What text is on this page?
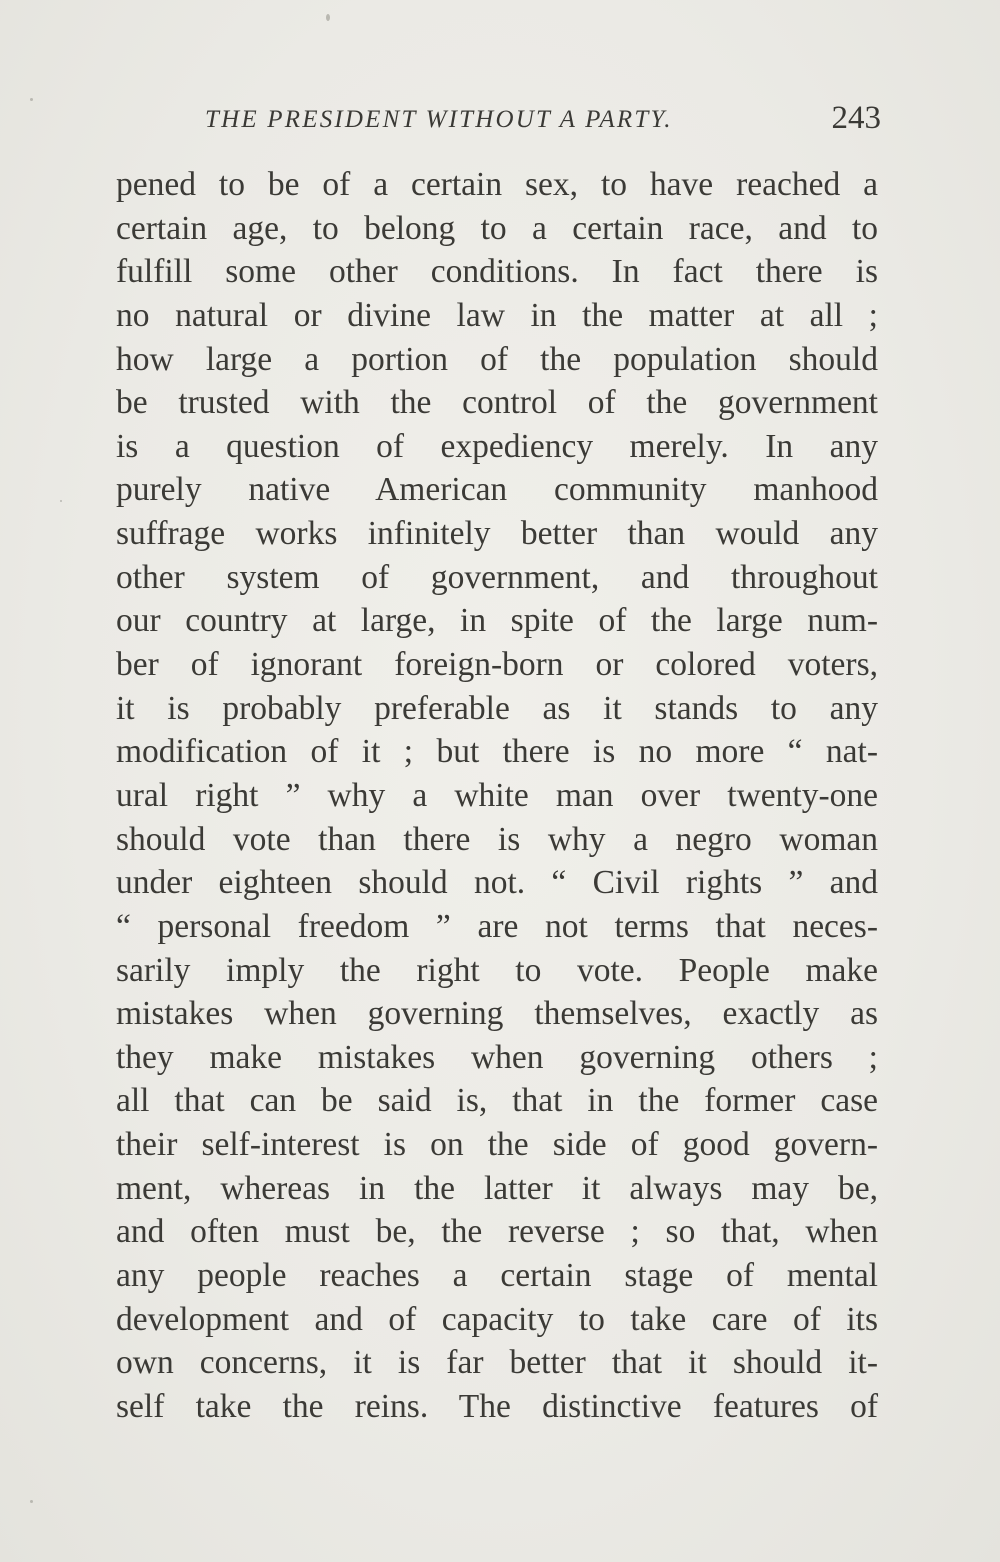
THE PRESIDENT WITHOUT A PARTY.	243
pened to be of a certain sex, to have reached a
certain age, to belong to a certain race, and to
fulfill some other conditions. In fact there is
no natural or divine law in the matter at all ;
how large a portion of the population should
be trusted with the control of the government
is a question of expediency merely. In any
purely native American community manhood
suffrage works infinitely better than would any
other system of government, and throughout
our country at large, in spite of the large num-
ber of ignorant foreign-born or colored voters,
it is probably preferable as it stands to any
modification of it ; but there is no more “ nat-
ural right ” why a white man over twenty-one
should vote than there is why a negro woman
under eighteen should not. “ Civil rights ” and
“ personal freedom ” are not terms that neces-
sarily imply the right to vote. People make
mistakes when governing themselves, exactly as
they make mistakes when governing others ;
all that can be said is, that in the former case
their self-interest is on the side of good govern-
ment, whereas in the latter it always may be,
and often must be, the reverse ; so that, when
any people reaches a certain stage of mental
development and of capacity to take care of its
own concerns, it is far better that it should it-
self take the reins. The distinctive features of
